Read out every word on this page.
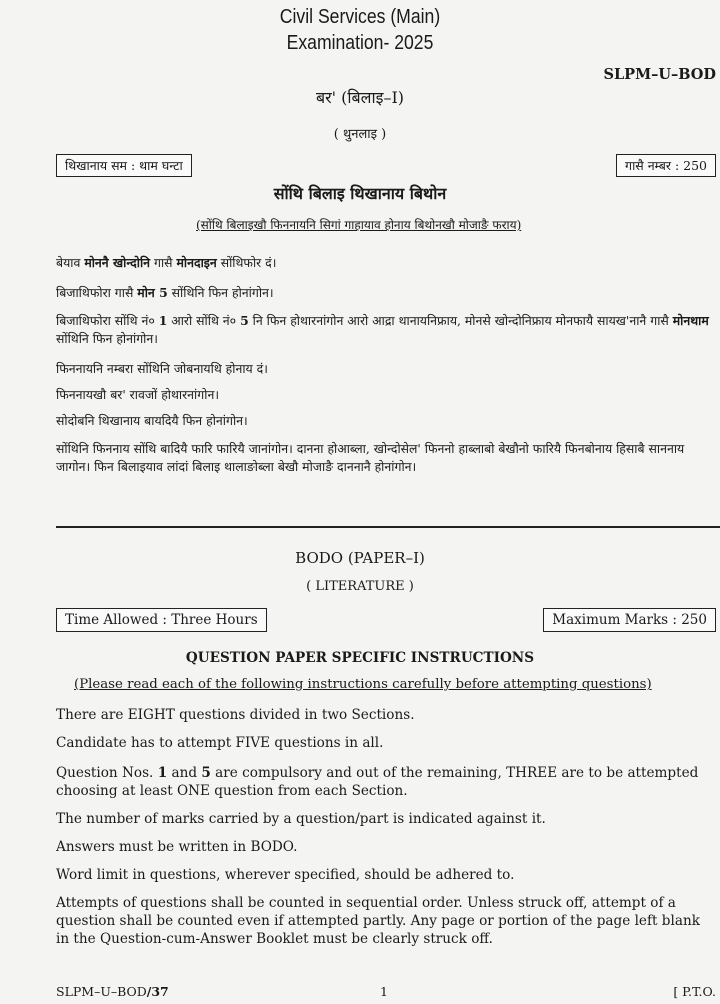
Civil Services (Main)
Examination- 2025
SLPM–U–BOD
बर' (बिलाइ–I)
( थुनलाइ )
थिखानाय सम : थाम घन्टा	गासै नम्बर : 250
सोंथि बिलाइ थिखानाय बिथोन
(सोंथि बिलाइखौ फिननायनि सिगां गाहायाव होनाय बिथोनखौ मोजाङै फराय)
बेयाव मोननै खोन्दोनि गासै मोनदाइन सोंथिफोर दं।
बिजाथिफोरा गासै मोन 5 सोंथिनि फिन होनांगोन।
बिजाथिफोरा सोंथि नं० 1 आरो सोंथि नं० 5 नि फिन होथारनांगोन आरो आद्रा थानायनिफ्राय, मोनसे खोन्दोनिफ्राय मोनफायै सायख'नानै गासै मोनथाम सोंथिनि फिन होनांगोन।
फिननायनि नम्बरा सोंथिनि जोबनायथि होनाय दं।
फिननायखौ बर' रावजों होथारनांगोन।
सोदोबनि थिखानाय बायदियै फिन होनांगोन।
सोंथिनि फिननाय सोंथि बादियै फारि फारियै जानांगोन। दानना होआब्ला, खोन्दोसेल' फिननो हाब्लाबो बेखौनो फारियै फिनबोनाय हिसाबै साननाय जागोन। फिन बिलाइयाव लांदां बिलाइ थालाङोब्ला बेखौ मोजाङै दाननानै होनांगोन।
BODO (PAPER–I)
( LITERATURE )
Time Allowed : Three Hours	Maximum Marks : 250
QUESTION PAPER SPECIFIC INSTRUCTIONS
(Please read each of the following instructions carefully before attempting questions)
There are EIGHT questions divided in two Sections.
Candidate has to attempt FIVE questions in all.
Question Nos. 1 and 5 are compulsory and out of the remaining, THREE are to be attempted choosing at least ONE question from each Section.
The number of marks carried by a question/part is indicated against it.
Answers must be written in BODO.
Word limit in questions, wherever specified, should be adhered to.
Attempts of questions shall be counted in sequential order. Unless struck off, attempt of a question shall be counted even if attempted partly. Any page or portion of the page left blank in the Question-cum-Answer Booklet must be clearly struck off.
SLPM–U–BOD/37	1	[ P.T.O.
